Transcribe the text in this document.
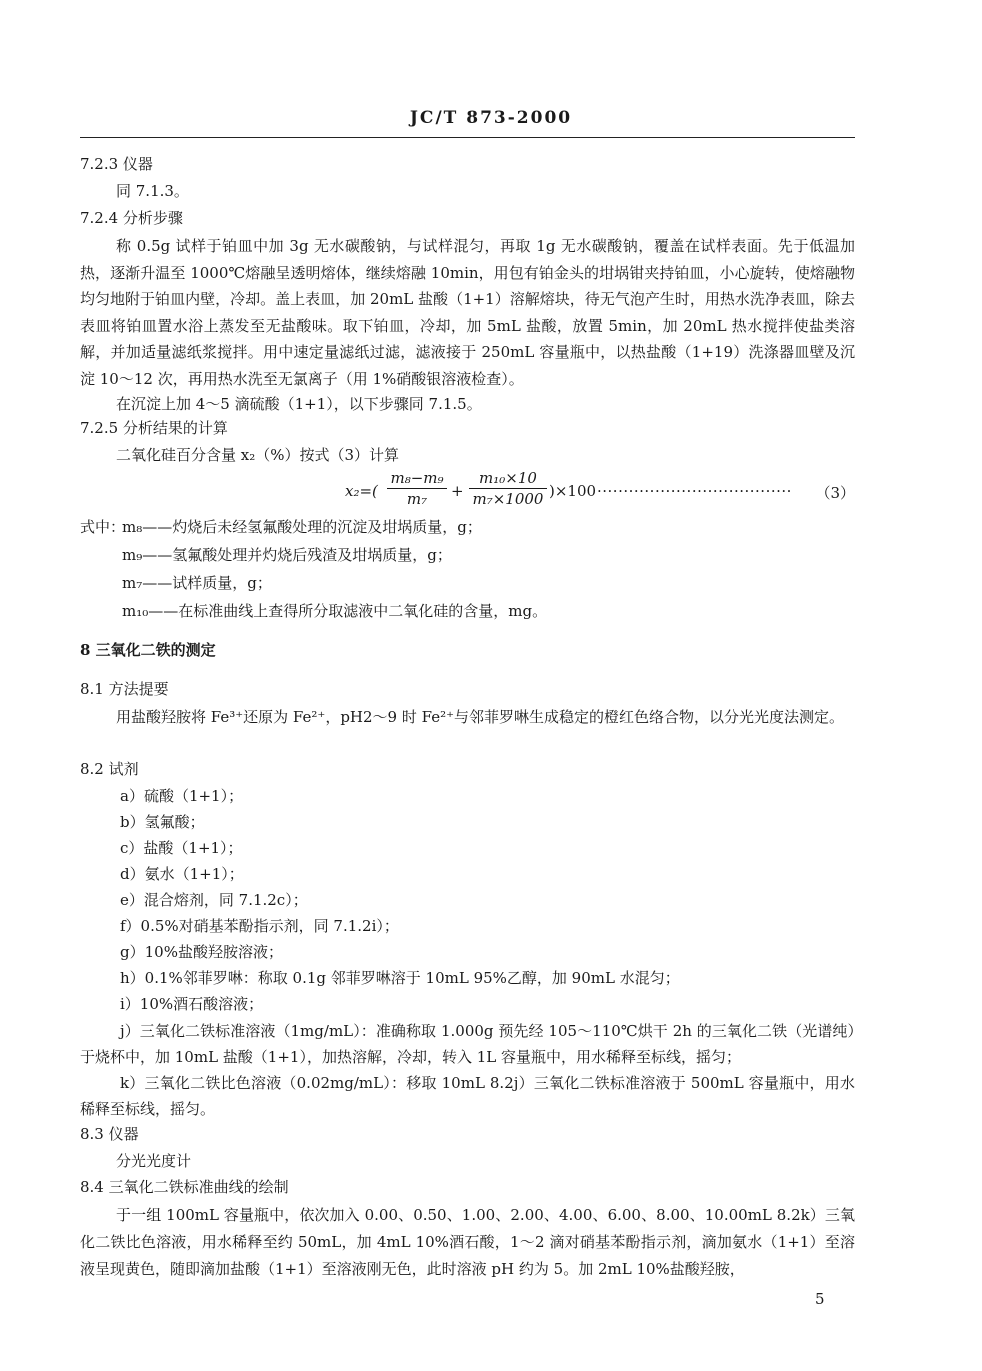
JC/T 873-2000

7.2.3 仪器

同 7.1.3。

7.2.4 分析步骤

称 0.5g 试样于铂皿中加 3g 无水碳酸钠，与试样混匀，再取 1g 无水碳酸钠，覆盖在试样表面。先于低温加热，逐渐升温至 1000℃熔融呈透明熔体，继续熔融 10min，用包有铂金头的坩埚钳夹持铂皿，小心旋转，使熔融物均匀地附于铂皿内壁，冷却。盖上表皿，加 20mL 盐酸（1+1）溶解熔块，待无气泡产生时，用热水洗净表皿，除去表皿将铂皿置水浴上蒸发至无盐酸味。取下铂皿，冷却，加 5mL 盐酸，放置 5min，加 20mL 热水搅拌使盐类溶解，并加适量滤纸浆搅拌。用中速定量滤纸过滤，滤液接于 250mL 容量瓶中，以热盐酸（1+19）洗涤器皿壁及沉淀 10～12 次，再用热水洗至无氯离子（用 1%硝酸银溶液检查）。

在沉淀上加 4～5 滴硫酸（1+1），以下步骤同 7.1.5。

7.2.5 分析结果的计算

二氧化硅百分含量 x₂（%）按式（3）计算

$x_2=( \frac{\text{m₈−m₉}}{\text{m₇}} + \frac{\text{m₁₀×10}}{\text{m₇×1000}} )\times 100$ ····································· （3）

式中：

m₈——灼烧后未经氢氟酸处理的沉淀及坩埚质量，g；

m₉——氢氟酸处理并灼烧后残渣及坩埚质量，g；

m₇——试样质量，g；

m₁₀——在标准曲线上查得所分取滤液中二氧化硅的含量，mg。

8 三氧化二铁的测定

8.1 方法提要

用盐酸羟胺将 Fe³⁺还原为 Fe²⁺，pH2～9 时 Fe²⁺与邻菲罗啉生成稳定的橙红色络合物，以分光光度法测定。

8.2 试剂

a）硫酸（1+1）；

b）氢氟酸；

c）盐酸（1+1）；

d）氨水（1+1）；

e）混合熔剂，同 7.1.2c）；

f）0.5%对硝基苯酚指示剂，同 7.1.2i）；

g）10%盐酸羟胺溶液；

h）0.1%邻菲罗啉：称取 0.1g 邻菲罗啉溶于 10mL 95%乙醇，加 90mL 水混匀；

i）10%酒石酸溶液；

j）三氧化二铁标准溶液（1mg/mL）：准确称取 1.000g 预先经 105～110℃烘干 2h 的三氧化二铁（光谱纯）于烧杯中，加 10mL 盐酸（1+1），加热溶解，冷却，转入 1L 容量瓶中，用水稀释至标线，摇匀；

k）三氧化二铁比色溶液（0.02mg/mL）：移取 10mL 8.2j）三氧化二铁标准溶液于 500mL 容量瓶中，用水稀释至标线，摇匀。

8.3 仪器

分光光度计

8.4 三氧化二铁标准曲线的绘制

于一组 100mL 容量瓶中，依次加入 0.00、0.50、1.00、2.00、4.00、6.00、8.00、10.00mL 8.2k）三氧化二铁比色溶液，用水稀释至约 50mL，加 4mL 10%酒石酸，1～2 滴对硝基苯酚指示剂，滴加氨水（1+1）至溶液呈现黄色，随即滴加盐酸（1+1）至溶液刚无色，此时溶液 pH 约为 5。加 2mL 10%盐酸羟胺，

5
